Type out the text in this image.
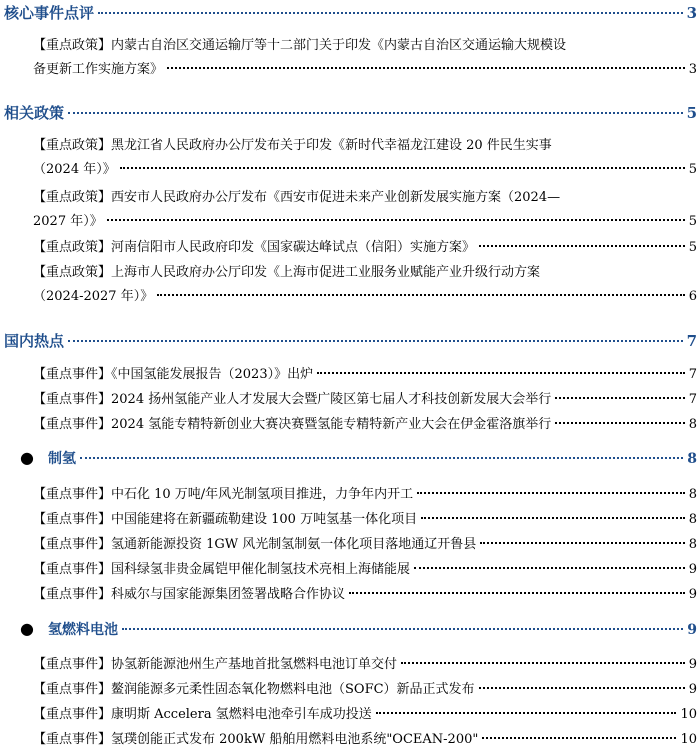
核心事件点评	3
【重点政策】内蒙古自治区交通运输厅等十二部门关于印发《内蒙古自治区交通运输大规模设
备更新工作实施方案》	3
相关政策	5
【重点政策】黑龙江省人民政府办公厅发布关于印发《新时代幸福龙江建设 20 件民生实事
（2024 年）》	5
【重点政策】西安市人民政府办公厅发布《西安市促进未来产业创新发展实施方案（2024—
2027 年）》	5
【重点政策】河南信阳市人民政府印发《国家碳达峰试点（信阳）实施方案》	5
【重点政策】上海市人民政府办公厅印发《上海市促进工业服务业赋能产业升级行动方案
（2024-2027 年）》	6
国内热点	7
【重点事件】《中国氢能发展报告（2023）》出炉	7
【重点事件】2024 扬州氢能产业人才发展大会暨广陵区第七届人才科技创新发展大会举行	7
【重点事件】2024 氢能专精特新创业大赛决赛暨氢能专精特新产业大会在伊金霍洛旗举行	8
●	制氢	8
【重点事件】中石化 10 万吨/年风光制氢项目推进，力争年内开工	8
【重点事件】中国能建将在新疆疏勒建设 100 万吨氢基一体化项目	8
【重点事件】氢通新能源投资 1GW 风光制氢制氨一体化项目落地通辽开鲁县	8
【重点事件】国科绿氢非贵金属铠甲催化制氢技术亮相上海储能展	9
【重点事件】科威尔与国家能源集团签署战略合作协议	9
●	氢燃料电池	9
【重点事件】协氢新能源池州生产基地首批氢燃料电池订单交付	9
【重点事件】鳌润能源多元柔性固态氧化物燃料电池（SOFC）新品正式发布	9
【重点事件】康明斯 Accelera 氢燃料电池牵引车成功投送	10
【重点事件】氢璞创能正式发布 200kW 船舶用燃料电池系统"OCEAN-200"	10
